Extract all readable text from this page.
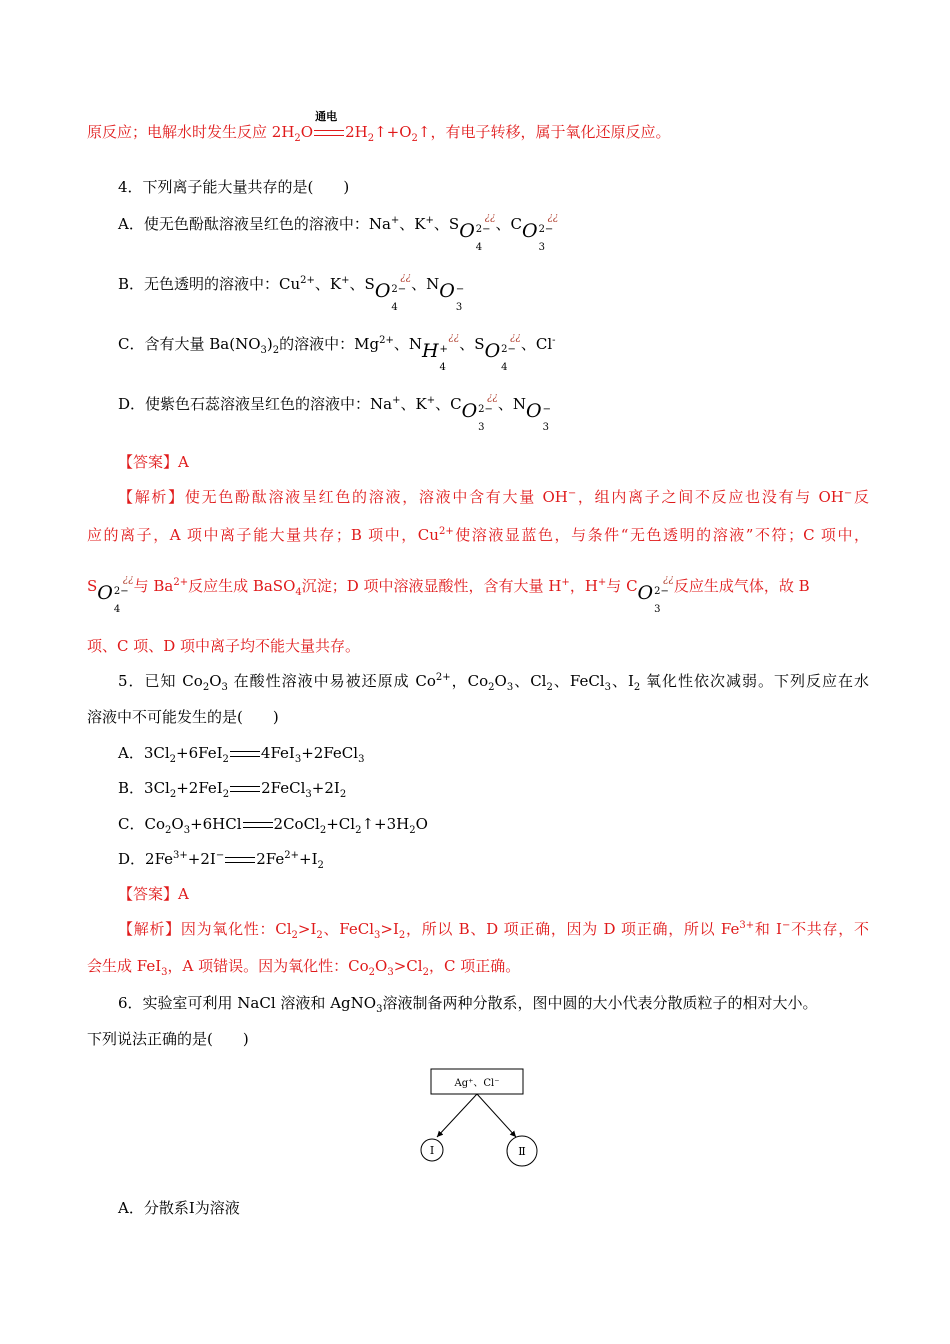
原反应；电解水时发生反应 $2H_2O$
通电
$2H_2↑+O_2↑$，有电子转移，属于氧化还原反应。
4．下列离子能大量共存的是(　　)
A．使无色酚酞溶液呈红色的溶液中：Na+、K+、SO 2−
4
¿¿、CO 2−
3
¿¿
B．无色透明的溶液中：$Cu^{2+}$、K+、SO 2−
4
¿¿、NO −
3
C．含有大量 $Ba(NO_3)_2$的溶液中：$Mg^{2+}$、NH +
4
¿¿、SO 2−
4
¿¿、Cl-
D．使紫色石蕊溶液呈红色的溶液中：Na+、K+、CO 2−
3
¿¿、NO −
3
【答案】A
【解析】使无色酚酞溶液呈红色的溶液，溶液中含有大量 OH−，组内离子之间不反应也没有与 OH−反
应的离子，A 项中离子能大量共存；B 项中，$Cu^{2+}$使溶液显蓝色，与条件“无色透明的溶液”不符；C 项中，
SO 2−
4
¿¿与 $Ba^{2+}$反应生成 BaSO$_4$沉淀；D 项中溶液显酸性，含有大量 H+，H+与 CO 2−
3
¿¿反应生成气体，故 B
项、C 项、D 项中离子均不能大量共存。
5．已知 $Co_2O_3$ 在酸性溶液中易被还原成 $Co^{2+}$，$Co_2O_3$、$Cl_2$、FeCl$_3$、$I_2$ 氧化性依次减弱。下列反应在水
溶液中不可能发生的是(　　)
A．$3Cl_2+6FeI_2$ 4FeI$_3$+2FeCl$_3$
B．$3Cl_2+2FeI_2$ $2FeCl_3+2I_2$
C．$Co_2O_3+6HCl$ $2CoCl_2+Cl_2↑+3H_2O$
D．$2Fe^{3+}+2I^-$ $2Fe^{2+}+I_2$
【答案】A
【解析】因为氧化性：$Cl_2>I_2$、$FeCl_3>I_2$，所以 B、D 项正确，因为 D 项正确，所以 $Fe^{3+}$和 I−不共存，不
会生成 FeI$_3$，A 项错误。因为氧化性：$Co_2O_3>Cl_2$，C 项正确。
6．实验室可利用 NaCl 溶液和 AgNO$_3$溶液制备两种分散系，图中圆的大小代表分散质粒子的相对大小。
下列说法正确的是(　　)
Ag⁺、Cl⁻
Ⅰ	Ⅱ
A．分散系Ⅰ为溶液
